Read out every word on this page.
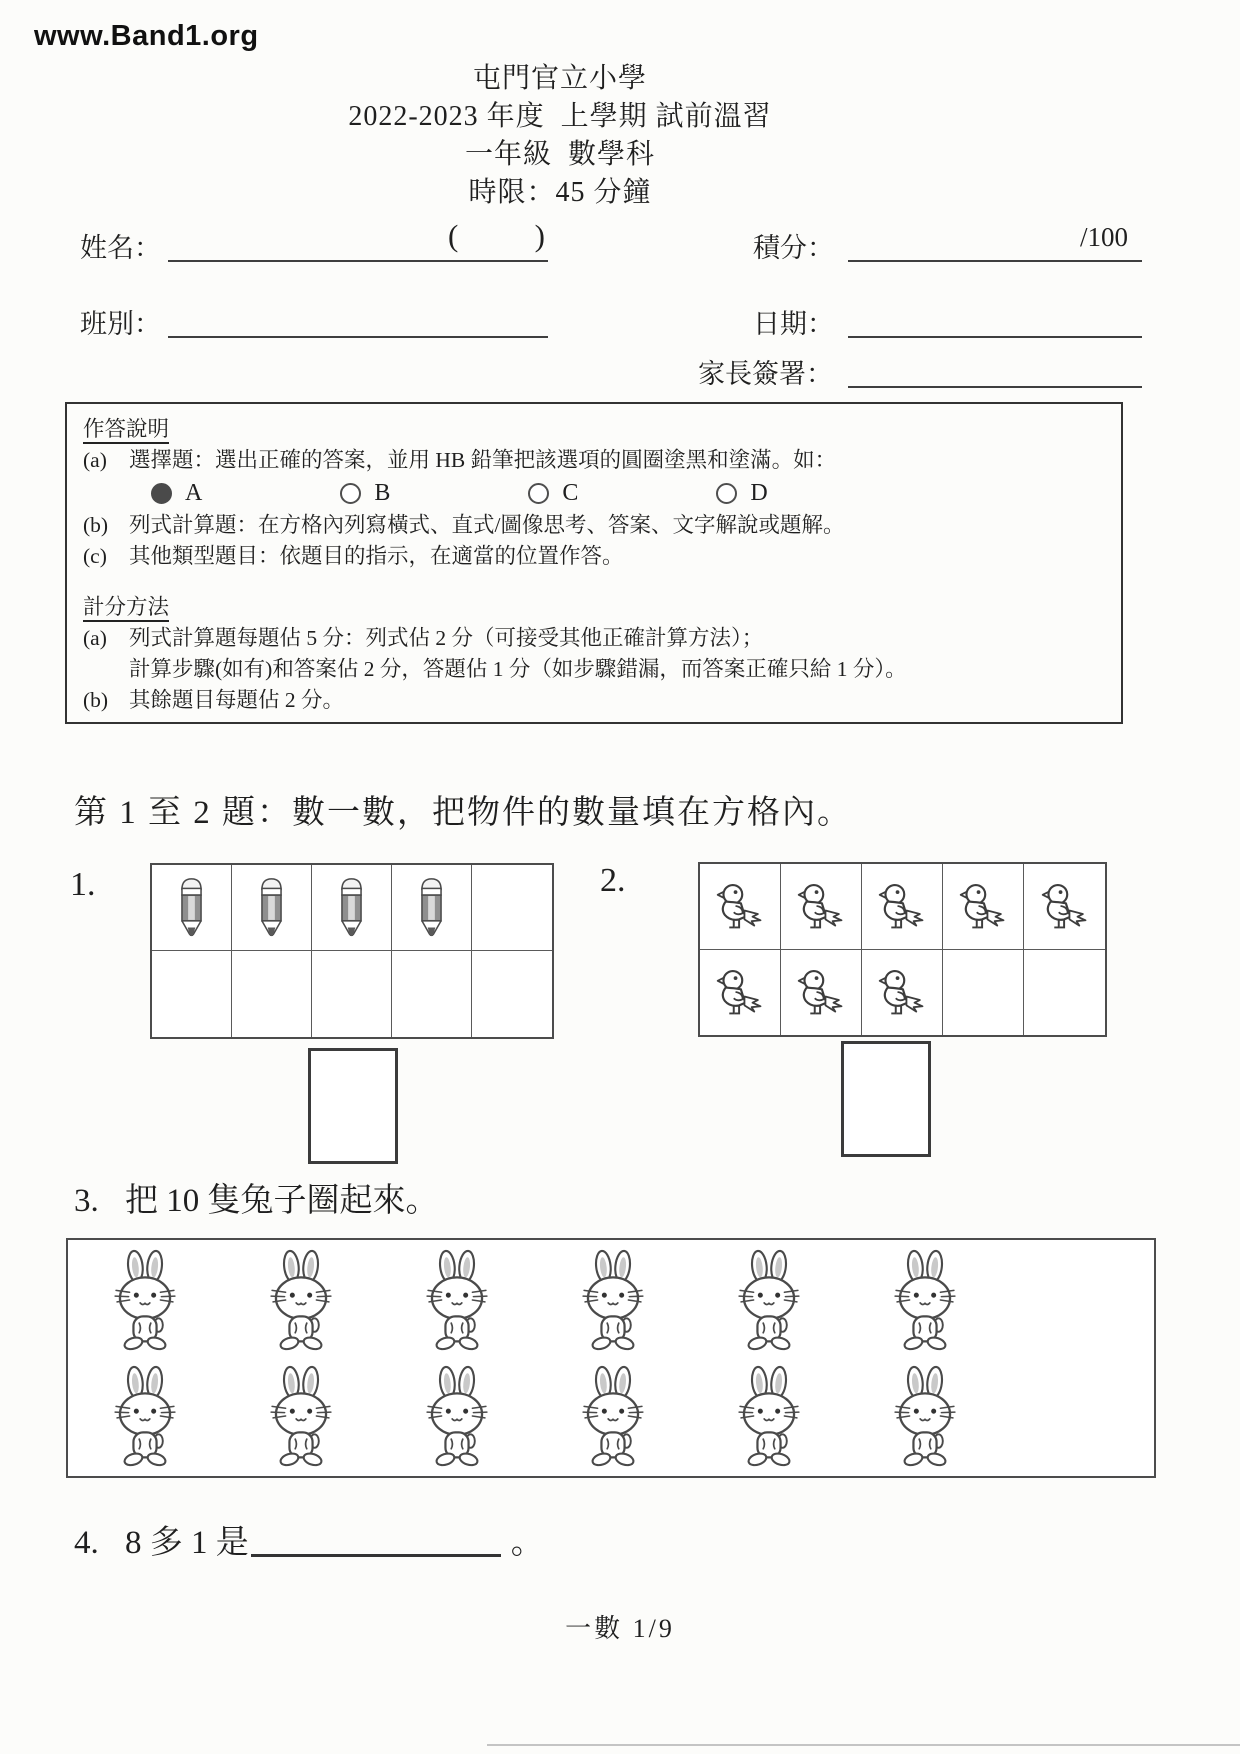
www.Band1.org
屯門官立小學
2022-2023 年度  上學期 試前溫習
一年級  數學科
時限：45 分鐘
姓名：	( )	積分：	/100
班別：	日期：
家長簽署：
作答說明
(a)	選擇題：選出正確的答案，並用 HB 鉛筆把該選項的圓圈塗黑和塗滿。如：
A	B	C	D
(b) 列式計算題：在方格內列寫橫式、直式/圖像思考、答案、文字解說或題解。
(c)	其他類型題目：依題目的指示，在適當的位置作答。
計分方法
(a)	列式計算題每題佔 5 分：列式佔 2 分（可接受其他正確計算方法）；
計算步驟(如有)和答案佔 2 分，答題佔 1 分（如步驟錯漏，而答案正確只給 1 分）。
(b) 其餘題目每題佔 2 分。
第 1 至 2 題：數一數，把物件的數量填在方格內。
1.	2.
3. 把 10 隻兔子圈起來。
4. 8 多 1 是	。
一數 1/9
